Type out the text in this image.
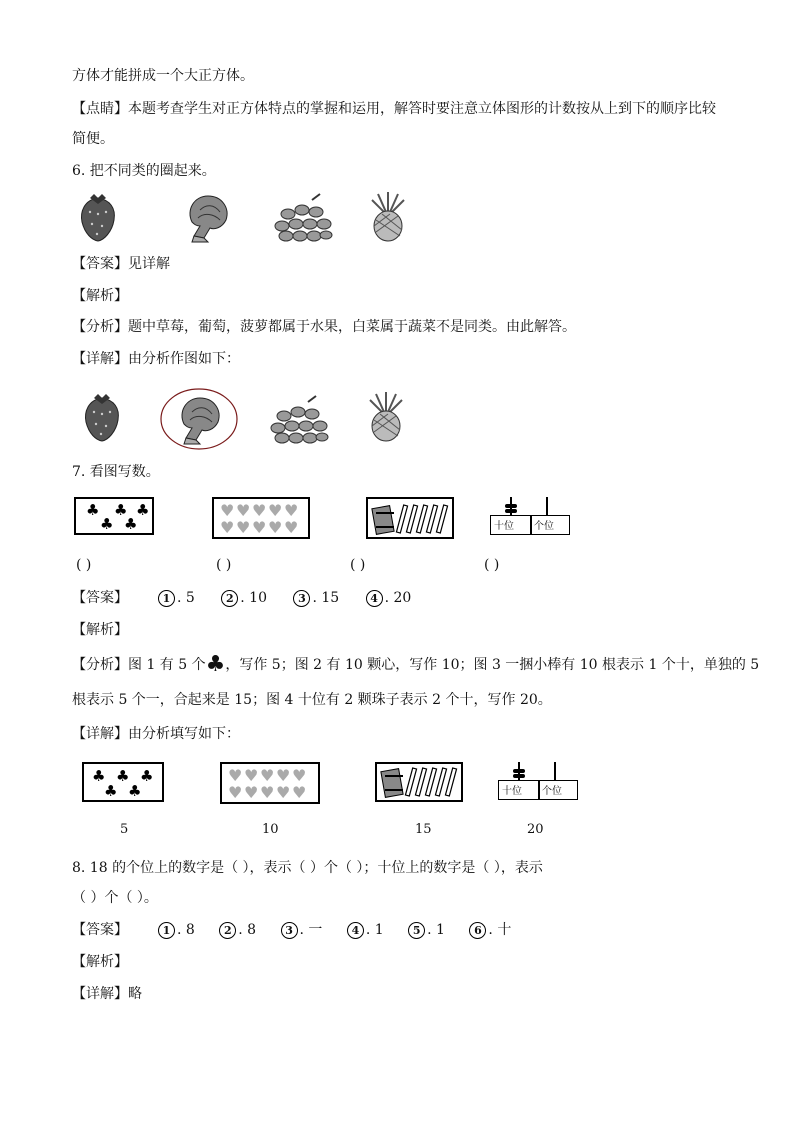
方体才能拼成一个大正方体。
【点睛】本题考查学生对正方体特点的掌握和运用，解答时要注意立体图形的计数按从上到下的顺序比较
简便。
6. 把不同类的圈起来。
【答案】见详解
【解析】
【分析】题中草莓，葡萄，菠萝都属于水果，白菜属于蔬菜不是同类。由此解答。
【详解】由分析作图如下：
7. 看图写数。
♣ ♣
♣ ♣
♣	♥ ♥ ♥ ♥ ♥
♥ ♥ ♥ ♥ ♥	十位 个位
( )	( )	( )	( )
【答案】	1 . 5	2 . 10	3 . 15	4 . 20
【解析】
【分析】图 1 有 5 个♣，写作 5；图 2 有 10 颗心，写作 10；图 3 一捆小棒有 10 根表示 1 个十，单独的 5
根表示 5 个一，合起来是 15；图 4 十位有 2 颗珠子表示 2 个十，写作 20。
【详解】由分析填写如下：
♣ ♣ ♣
♣ ♣
♥ ♥ ♥ ♥ ♥
♥ ♥ ♥ ♥ ♥	十位 个位
5	10	15	20
8. 18 的个位上的数字是（ ），表示（ ）个（ ）；十位上的数字是（ ），表示
（ ）个（ ）。
【答案】	1 . 8	2 . 8	3 . 一	4 . 1	5 . 1	6 . 十
【解析】
【详解】略
